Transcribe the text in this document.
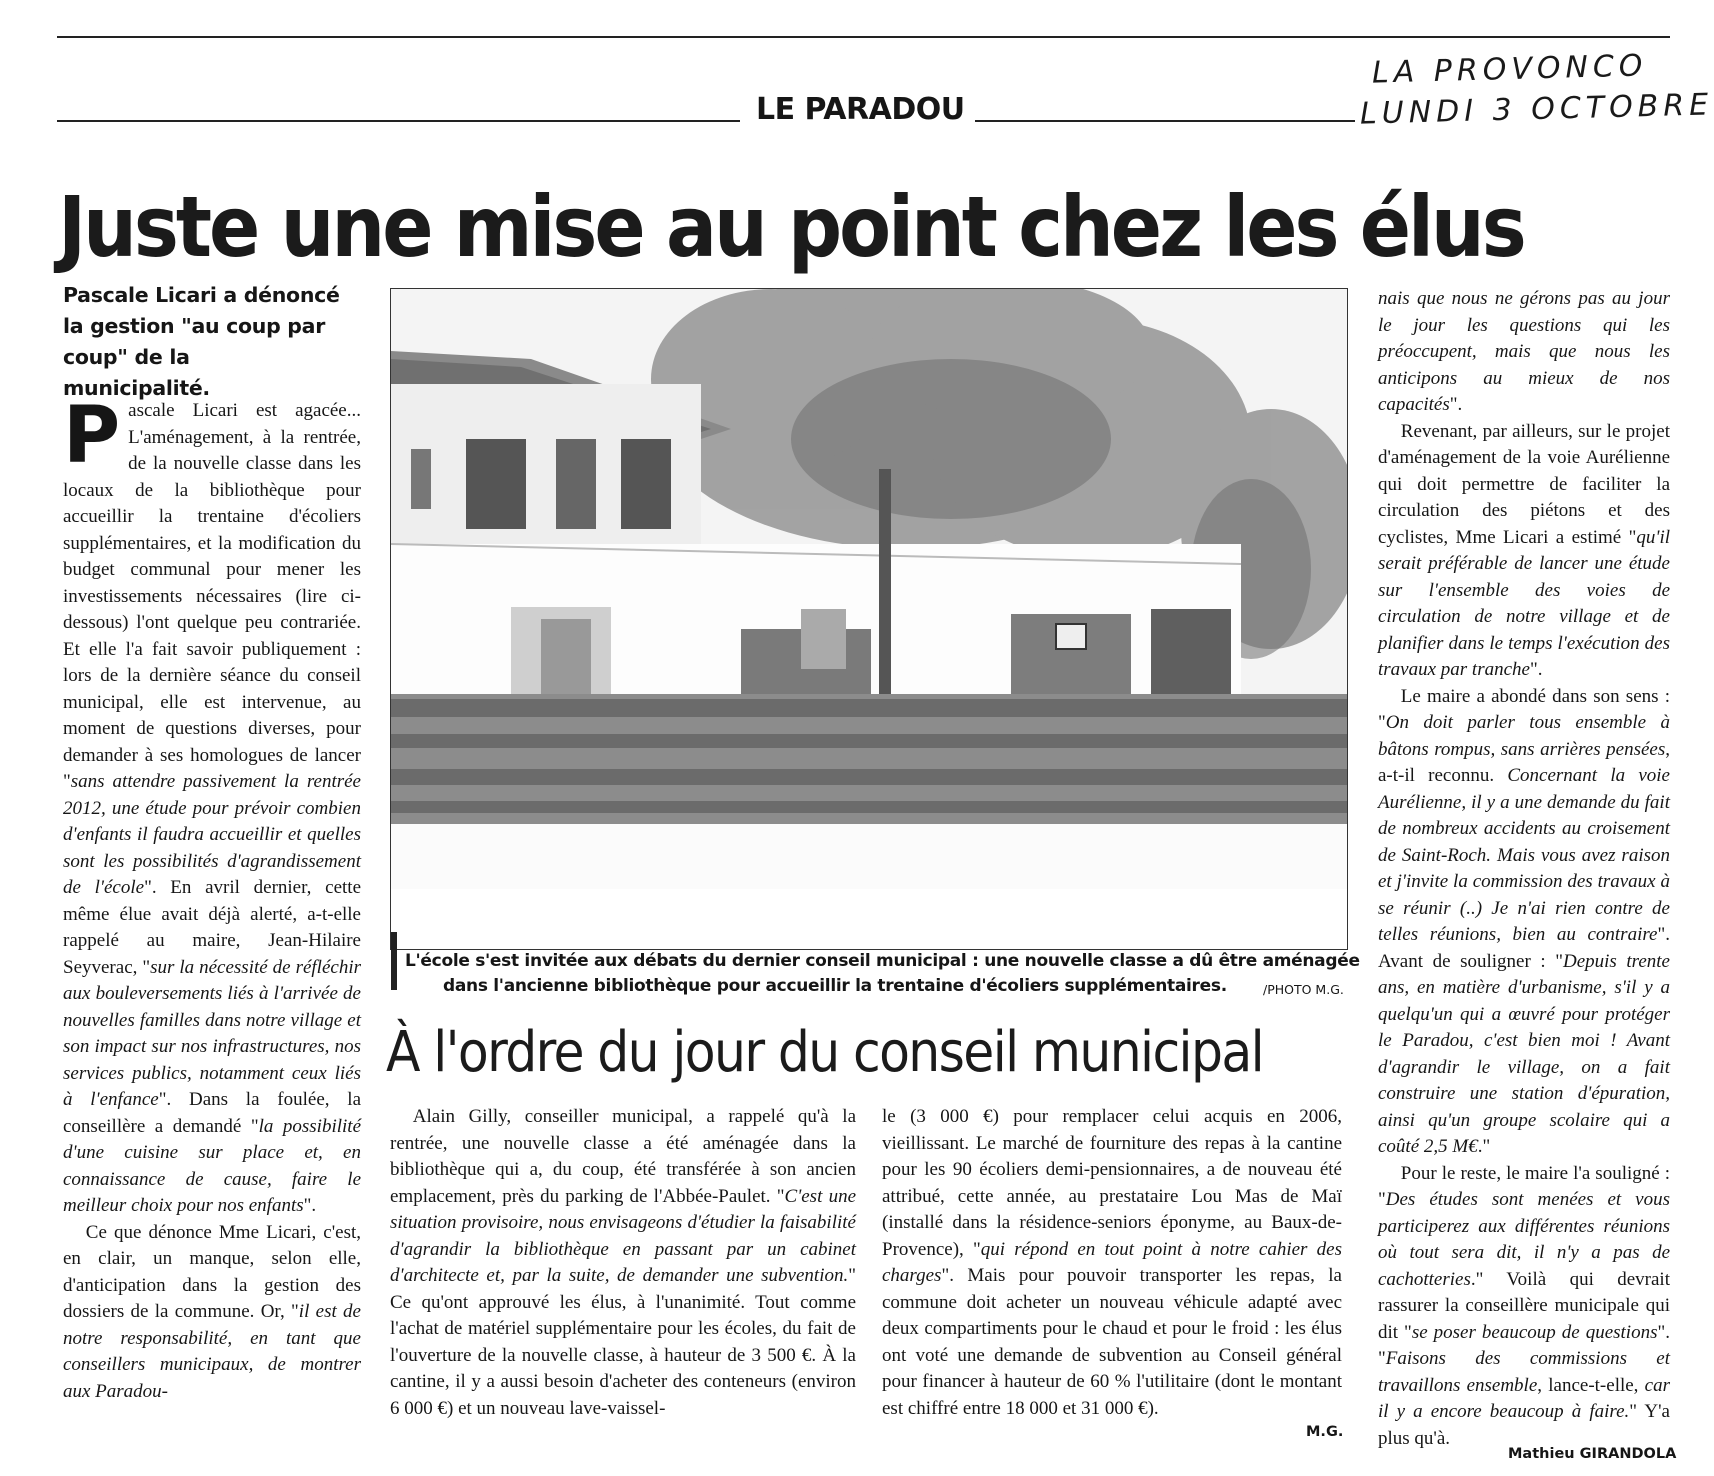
LA PROVONCO
LUNDI 3 OCTOBRE
LE PARADOU
Juste une mise au point chez les élus
Pascale Licari a dénoncé la gestion "au coup par coup" de la municipalité.

Pascale Licari est agacée... L'aménagement, à la rentrée, de la nouvelle classe dans les locaux de la bibliothèque pour accueillir la trentaine d'écoliers supplémentaires, et la modification du budget communal pour mener les investissements nécessaires (lire ci-dessous) l'ont quelque peu contrariée. Et elle l'a fait savoir publiquement : lors de la dernière séance du conseil municipal, elle est intervenue, au moment de questions diverses, pour demander à ses homologues de lancer "sans attendre passivement la rentrée 2012, une étude pour prévoir combien d'enfants il faudra accueillir et quelles sont les possibilités d'agrandissement de l'école". En avril dernier, cette même élue avait déjà alerté, a-t-elle rappelé au maire, Jean-Hilaire Seyverac, "sur la nécessité de réfléchir aux bouleversements liés à l'arrivée de nouvelles familles dans notre village et son impact sur nos infrastructures, nos services publics, notamment ceux liés à l'enfance". Dans la foulée, la conseillère a demandé "la possibilité d'une cuisine sur place et, en connaissance de cause, faire le meilleur choix pour nos enfants".

Ce que dénonce Mme Licari, c'est, en clair, un manque, selon elle, d'anticipation dans la gestion des dossiers de la commune. Or, "il est de notre responsabilité, en tant que conseillers municipaux, de montrer aux Paradou-

L'école s'est invitée aux débats du dernier conseil municipal : une nouvelle classe a dû être aménagée
dans l'ancienne bibliothèque pour accueillir la trentaine d'écoliers supplémentaires.	/PHOTO M.G.

nais que nous ne gérons pas au jour le jour les questions qui les préoccupent, mais que nous les anticipons au mieux de nos capacités".

Revenant, par ailleurs, sur le projet d'aménagement de la voie Aurélienne qui doit permettre de faciliter la circulation des piétons et des cyclistes, Mme Licari a estimé "qu'il serait préférable de lancer une étude sur l'ensemble des voies de circulation de notre village et de planifier dans le temps l'exécution des travaux par tranche".

Le maire a abondé dans son sens : "On doit parler tous ensemble à bâtons rompus, sans arrières pensées, a-t-il reconnu. Concernant la voie Aurélienne, il y a une demande du fait de nombreux accidents au croisement de Saint-Roch. Mais vous avez raison et j'invite la commission des travaux à se réunir (..) Je n'ai rien contre de telles réunions, bien au contraire". Avant de souligner : "Depuis trente ans, en matière d'urbanisme, s'il y a quelqu'un qui a œuvré pour protéger le Paradou, c'est bien moi ! Avant d'agrandir le village, on a fait construire une station d'épuration, ainsi qu'un groupe scolaire qui a coûté 2,5 M€."

Pour le reste, le maire l'a souligné : "Des études sont menées et vous participerez aux différentes réunions où tout sera dit, il n'y a pas de cachotteries." Voilà qui devrait rassurer la conseillère municipale qui dit "se poser beaucoup de questions". "Faisons des commissions et travaillons ensemble, lance-t-elle, car il y a encore beaucoup à faire." Y'a plus qu'à.

Mathieu GIRANDOLA
À l'ordre du jour du conseil municipal

Alain Gilly, conseiller municipal, a rappelé qu'à la rentrée, une nouvelle classe a été aménagée dans la bibliothèque qui a, du coup, été transférée à son ancien emplacement, près du parking de l'Abbée-Paulet. "C'est une situation provisoire, nous envisageons d'étudier la faisabilité d'agrandir la bibliothèque en passant par un cabinet d'architecte et, par la suite, de demander une subvention." Ce qu'ont approuvé les élus, à l'unanimité. Tout comme l'achat de matériel supplémentaire pour les écoles, du fait de l'ouverture de la nouvelle classe, à hauteur de 3 500 €. À la cantine, il y a aussi besoin d'acheter des conteneurs (environ 6 000 €) et un nouveau lave-vaissel-

le (3 000 €) pour remplacer celui acquis en 2006, vieillissant. Le marché de fourniture des repas à la cantine pour les 90 écoliers demi-pensionnaires, a de nouveau été attribué, cette année, au prestataire Lou Mas de Maï (installé dans la résidence-seniors éponyme, au Baux-de-Provence), "qui répond en tout point à notre cahier des charges". Mais pour pouvoir transporter les repas, la commune doit acheter un nouveau véhicule adapté avec deux compartiments pour le chaud et pour le froid : les élus ont voté une demande de subvention au Conseil général pour financer à hauteur de 60 % l'utilitaire (dont le montant est chiffré entre 18 000 et 31 000 €).

M.G.
